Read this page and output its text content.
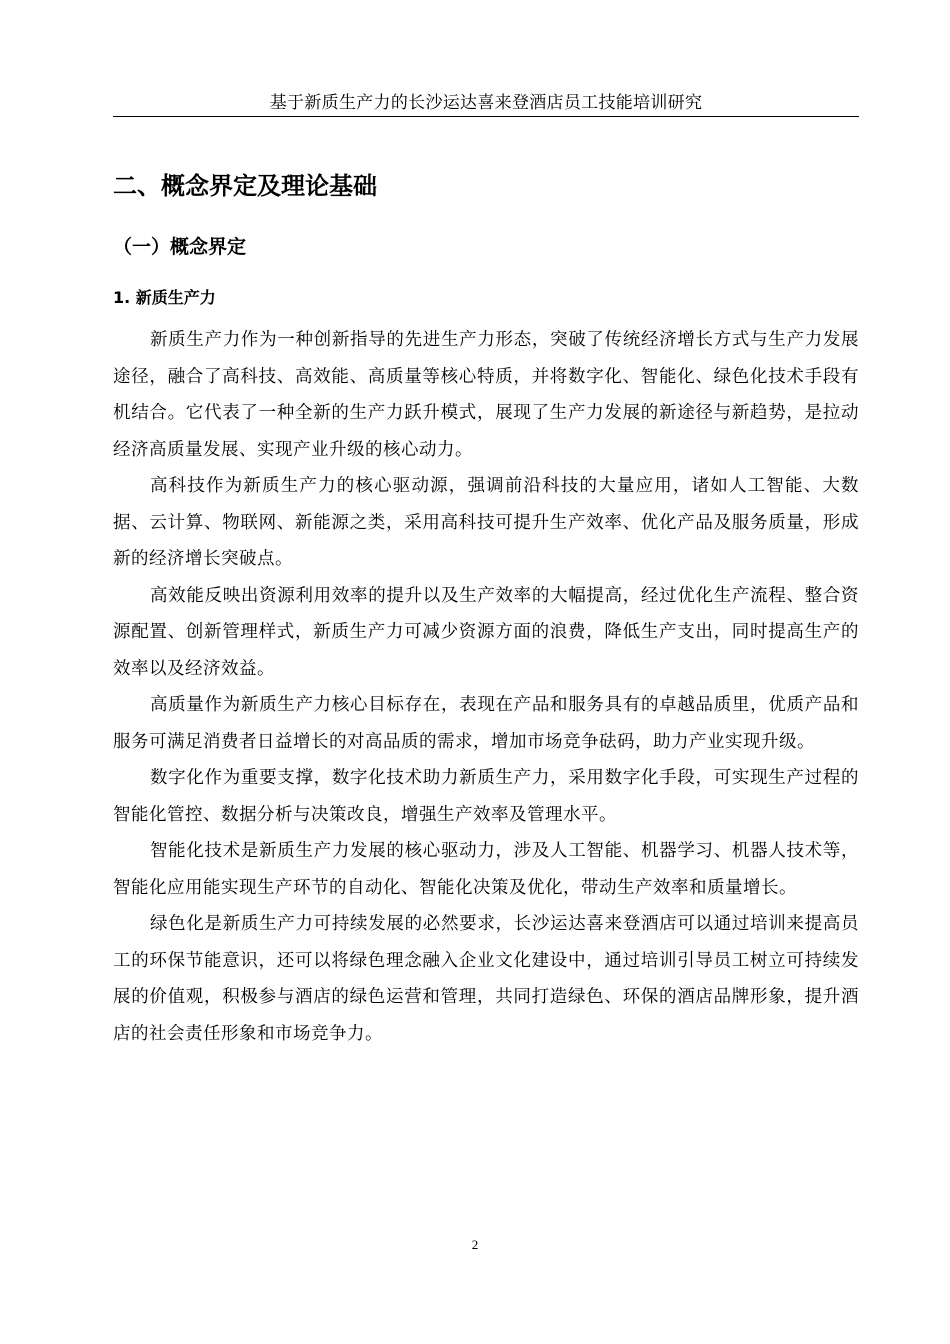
基于新质生产力的长沙运达喜来登酒店员工技能培训研究
二、概念界定及理论基础
（一）概念界定
1. 新质生产力

新质生产力作为一种创新指导的先进生产力形态，突破了传统经济增长方式与生产力发展途径，融合了高科技、高效能、高质量等核心特质，并将数字化、智能化、绿色化技术手段有机结合。它代表了一种全新的生产力跃升模式，展现了生产力发展的新途径与新趋势，是拉动经济高质量发展、实现产业升级的核心动力。

高科技作为新质生产力的核心驱动源，强调前沿科技的大量应用，诸如人工智能、大数据、云计算、物联网、新能源之类，采用高科技可提升生产效率、优化产品及服务质量，形成新的经济增长突破点。

高效能反映出资源利用效率的提升以及生产效率的大幅提高，经过优化生产流程、整合资源配置、创新管理样式，新质生产力可减少资源方面的浪费，降低生产支出，同时提高生产的效率以及经济效益。

高质量作为新质生产力核心目标存在，表现在产品和服务具有的卓越品质里，优质产品和服务可满足消费者日益增长的对高品质的需求，增加市场竞争砝码，助力产业实现升级。

数字化作为重要支撑，数字化技术助力新质生产力，采用数字化手段，可实现生产过程的智能化管控、数据分析与决策改良，增强生产效率及管理水平。

智能化技术是新质生产力发展的核心驱动力，涉及人工智能、机器学习、机器人技术等，智能化应用能实现生产环节的自动化、智能化决策及优化，带动生产效率和质量增长。

绿色化是新质生产力可持续发展的必然要求，长沙运达喜来登酒店可以通过培训来提高员工的环保节能意识，还可以将绿色理念融入企业文化建设中，通过培训引导员工树立可持续发展的价值观，积极参与酒店的绿色运营和管理，共同打造绿色、环保的酒店品牌形象，提升酒店的社会责任形象和市场竞争力。

2
